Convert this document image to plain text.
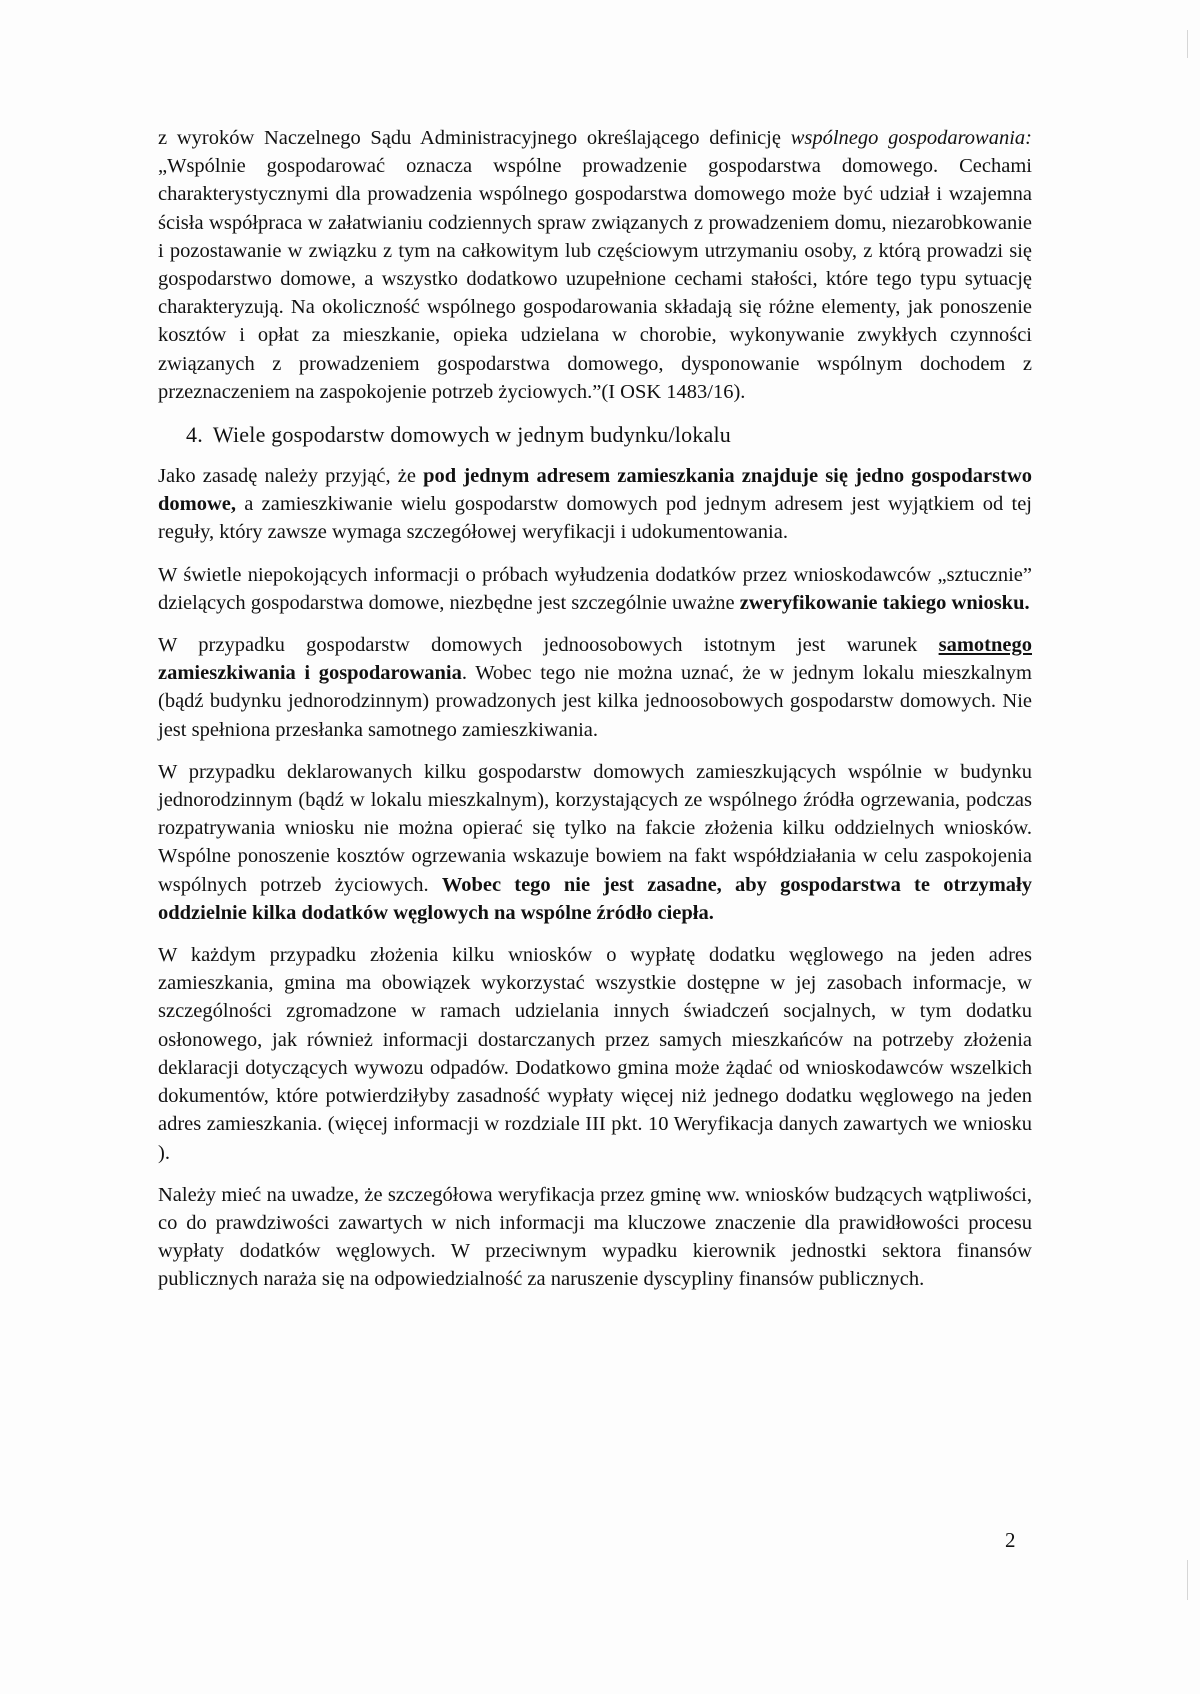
z wyroków Naczelnego Sądu Administracyjnego określającego definicję wspólnego gospodarowania: „Wspólnie gospodarować oznacza wspólne prowadzenie gospodarstwa domowego. Cechami charakterystycznymi dla prowadzenia wspólnego gospodarstwa domowego może być udział i wzajemna ścisła współpraca w załatwianiu codziennych spraw związanych z prowadzeniem domu, niezarobkowanie i pozostawanie w związku z tym na całkowitym lub częściowym utrzymaniu osoby, z którą prowadzi się gospodarstwo domowe, a wszystko dodatkowo uzupełnione cechami stałości, które tego typu sytuację charakteryzują. Na okoliczność wspólnego gospodarowania składają się różne elementy, jak ponoszenie kosztów i opłat za mieszkanie, opieka udzielana w chorobie, wykonywanie zwykłych czynności związanych z prowadzeniem gospodarstwa domowego, dysponowanie wspólnym dochodem z przeznaczeniem na zaspokojenie potrzeb życiowych.”(I OSK 1483/16).

4. Wiele gospodarstw domowych w jednym budynku/lokalu

Jako zasadę należy przyjąć, że pod jednym adresem zamieszkania znajduje się jedno gospodarstwo domowe, a zamieszkiwanie wielu gospodarstw domowych pod jednym adresem jest wyjątkiem od tej reguły, który zawsze wymaga szczegółowej weryfikacji i udokumentowania.

W świetle niepokojących informacji o próbach wyłudzenia dodatków przez wnioskodawców „sztucznie” dzielących gospodarstwa domowe, niezbędne jest szczególnie uważne zweryfikowanie takiego wniosku.

W przypadku gospodarstw domowych jednoosobowych istotnym jest warunek samotnego zamieszkiwania i gospodarowania. Wobec tego nie można uznać, że w jednym lokalu mieszkalnym (bądź budynku jednorodzinnym) prowadzonych jest kilka jednoosobowych gospodarstw domowych. Nie jest spełniona przesłanka samotnego zamieszkiwania.

W przypadku deklarowanych kilku gospodarstw domowych zamieszkujących wspólnie w budynku jednorodzinnym (bądź w lokalu mieszkalnym), korzystających ze wspólnego źródła ogrzewania, podczas rozpatrywania wniosku nie można opierać się tylko na fakcie złożenia kilku oddzielnych wniosków. Wspólne ponoszenie kosztów ogrzewania wskazuje bowiem na fakt współdziałania w celu zaspokojenia wspólnych potrzeb życiowych. Wobec tego nie jest zasadne, aby gospodarstwa te otrzymały oddzielnie kilka dodatków węglowych na wspólne źródło ciepła.

W każdym przypadku złożenia kilku wniosków o wypłatę dodatku węglowego na jeden adres zamieszkania, gmina ma obowiązek wykorzystać wszystkie dostępne w jej zasobach informacje, w szczególności zgromadzone w ramach udzielania innych świadczeń socjalnych, w tym dodatku osłonowego, jak również informacji dostarczanych przez samych mieszkańców na potrzeby złożenia deklaracji dotyczących wywozu odpadów. Dodatkowo gmina może żądać od wnioskodawców wszelkich dokumentów, które potwierdziłyby zasadność wypłaty więcej niż jednego dodatku węglowego na jeden adres zamieszkania. (więcej informacji w rozdziale III pkt. 10 Weryfikacja danych zawartych we wniosku ).

Należy mieć na uwadze, że szczegółowa weryfikacja przez gminę ww. wniosków budzących wątpliwości, co do prawdziwości zawartych w nich informacji ma kluczowe znaczenie dla prawidłowości procesu wypłaty dodatków węglowych. W przeciwnym wypadku kierownik jednostki sektora finansów publicznych naraża się na odpowiedzialność za naruszenie dyscypliny finansów publicznych.

2
